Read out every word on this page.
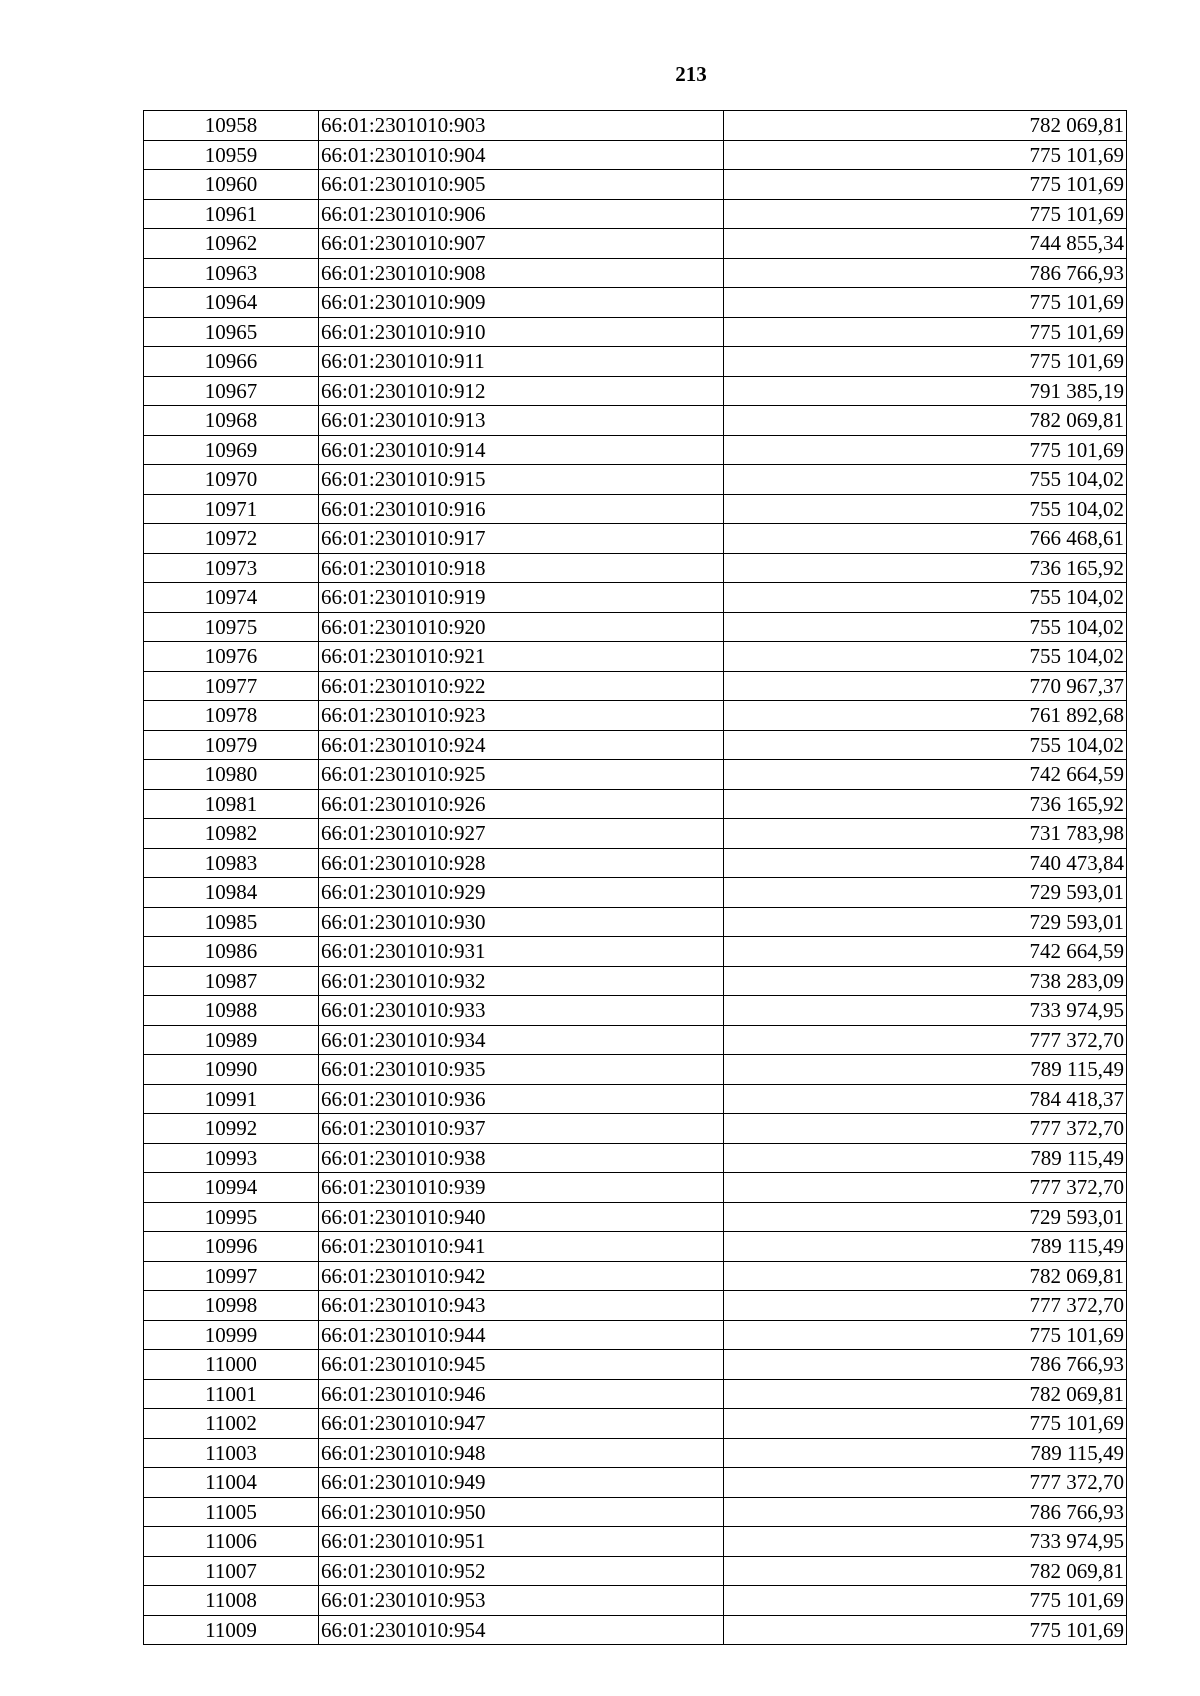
213
10958	66:01:2301010:903	782 069,81
10959	66:01:2301010:904	775 101,69
10960	66:01:2301010:905	775 101,69
10961	66:01:2301010:906	775 101,69
10962	66:01:2301010:907	744 855,34
10963	66:01:2301010:908	786 766,93
10964	66:01:2301010:909	775 101,69
10965	66:01:2301010:910	775 101,69
10966	66:01:2301010:911	775 101,69
10967	66:01:2301010:912	791 385,19
10968	66:01:2301010:913	782 069,81
10969	66:01:2301010:914	775 101,69
10970	66:01:2301010:915	755 104,02
10971	66:01:2301010:916	755 104,02
10972	66:01:2301010:917	766 468,61
10973	66:01:2301010:918	736 165,92
10974	66:01:2301010:919	755 104,02
10975	66:01:2301010:920	755 104,02
10976	66:01:2301010:921	755 104,02
10977	66:01:2301010:922	770 967,37
10978	66:01:2301010:923	761 892,68
10979	66:01:2301010:924	755 104,02
10980	66:01:2301010:925	742 664,59
10981	66:01:2301010:926	736 165,92
10982	66:01:2301010:927	731 783,98
10983	66:01:2301010:928	740 473,84
10984	66:01:2301010:929	729 593,01
10985	66:01:2301010:930	729 593,01
10986	66:01:2301010:931	742 664,59
10987	66:01:2301010:932	738 283,09
10988	66:01:2301010:933	733 974,95
10989	66:01:2301010:934	777 372,70
10990	66:01:2301010:935	789 115,49
10991	66:01:2301010:936	784 418,37
10992	66:01:2301010:937	777 372,70
10993	66:01:2301010:938	789 115,49
10994	66:01:2301010:939	777 372,70
10995	66:01:2301010:940	729 593,01
10996	66:01:2301010:941	789 115,49
10997	66:01:2301010:942	782 069,81
10998	66:01:2301010:943	777 372,70
10999	66:01:2301010:944	775 101,69
11000	66:01:2301010:945	786 766,93
11001	66:01:2301010:946	782 069,81
11002	66:01:2301010:947	775 101,69
11003	66:01:2301010:948	789 115,49
11004	66:01:2301010:949	777 372,70
11005	66:01:2301010:950	786 766,93
11006	66:01:2301010:951	733 974,95
11007	66:01:2301010:952	782 069,81
11008	66:01:2301010:953	775 101,69
11009	66:01:2301010:954	775 101,69
